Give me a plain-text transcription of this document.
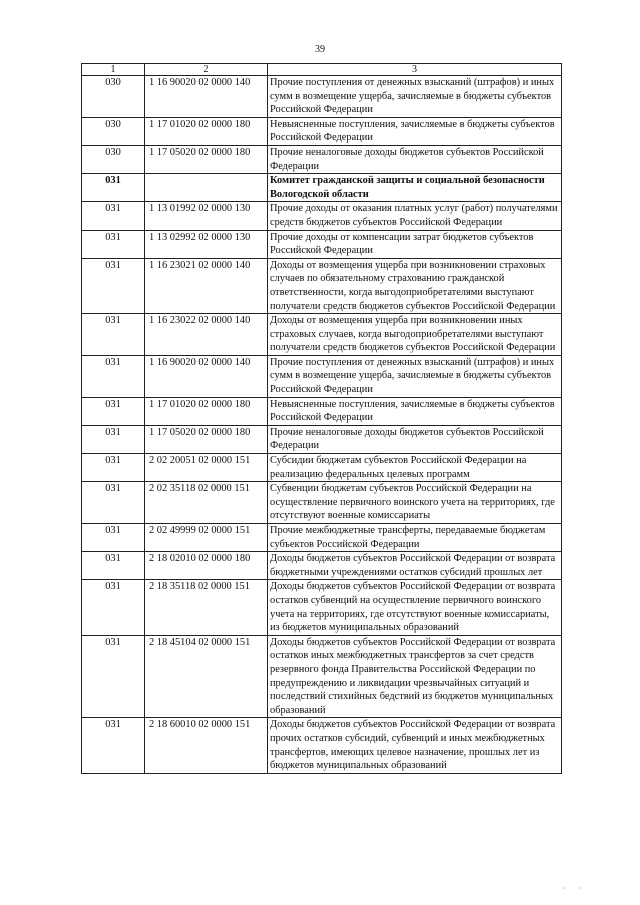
39
1	2	3
030	1 16 90020 02 0000 140	Прочие поступления от денежных взысканий (штрафов) и иных сумм в возмещение ущерба, зачисляемые в бюджеты субъектов Российской Федерации
030	1 17 01020 02 0000 180	Невыясненные поступления, зачисляемые в бюджеты субъектов Российской Федерации
030	1 17 05020 02 0000 180	Прочие неналоговые доходы бюджетов субъектов Российской Федерации
031		Комитет гражданской защиты и социальной безопасности Вологодской области
031	1 13 01992 02 0000 130	Прочие доходы от оказания платных услуг (работ) получателями средств бюджетов субъектов Российской Федерации
031	1 13 02992 02 0000 130	Прочие доходы от компенсации затрат бюджетов субъектов Российской Федерации
031	1 16 23021 02 0000 140	Доходы от возмещения ущерба при возникновении страховых случаев по обязательному страхованию гражданской ответственности, когда выгодоприобретателями выступают получатели средств бюджетов субъектов Российской Федерации
031	1 16 23022 02 0000 140	Доходы от возмещения ущерба при возникновении иных страховых случаев, когда выгодоприобретателями выступают получатели средств бюджетов субъектов Российской Федерации
031	1 16 90020 02 0000 140	Прочие поступления от денежных взысканий (штрафов) и иных сумм в возмещение ущерба, зачисляемые в бюджеты субъектов Российской Федерации
031	1 17 01020 02 0000 180	Невыясненные поступления, зачисляемые в бюджеты субъектов Российской Федерации
031	1 17 05020 02 0000 180	Прочие неналоговые доходы бюджетов субъектов Российской Федерации
031	2 02 20051 02 0000 151	Субсидии бюджетам субъектов Российской Федерации на реализацию федеральных целевых программ
031	2 02 35118 02 0000 151	Субвенции бюджетам субъектов Российской Федерации на осуществление первичного воинского учета на территориях, где отсутствуют военные комиссариаты
031	2 02 49999 02 0000 151	Прочие межбюджетные трансферты, передаваемые бюджетам субъектов Российской Федерации
031	2 18 02010 02 0000 180	Доходы бюджетов субъектов Российской Федерации от возврата бюджетными учреждениями остатков субсидий прошлых лет
031	2 18 35118 02 0000 151	Доходы бюджетов субъектов Российской Федерации от возврата остатков субвенций на осуществление первичного воинского учета на территориях, где отсутствуют военные комиссариаты, из бюджетов муниципальных образований
031	2 18 45104 02 0000 151	Доходы бюджетов субъектов Российской Федерации от возврата остатков иных межбюджетных трансфертов за счет средств резервного фонда Правительства Российской Федерации по предупреждению и ликвидации чрезвычайных ситуаций и последствий стихийных бедствий из бюджетов муниципальных образований
031	2 18 60010 02 0000 151	Доходы бюджетов субъектов Российской Федерации от возврата прочих остатков субсидий, субвенций и иных межбюджетных трансфертов, имеющих целевое назначение, прошлых лет из бюджетов муниципальных образований
· ·
